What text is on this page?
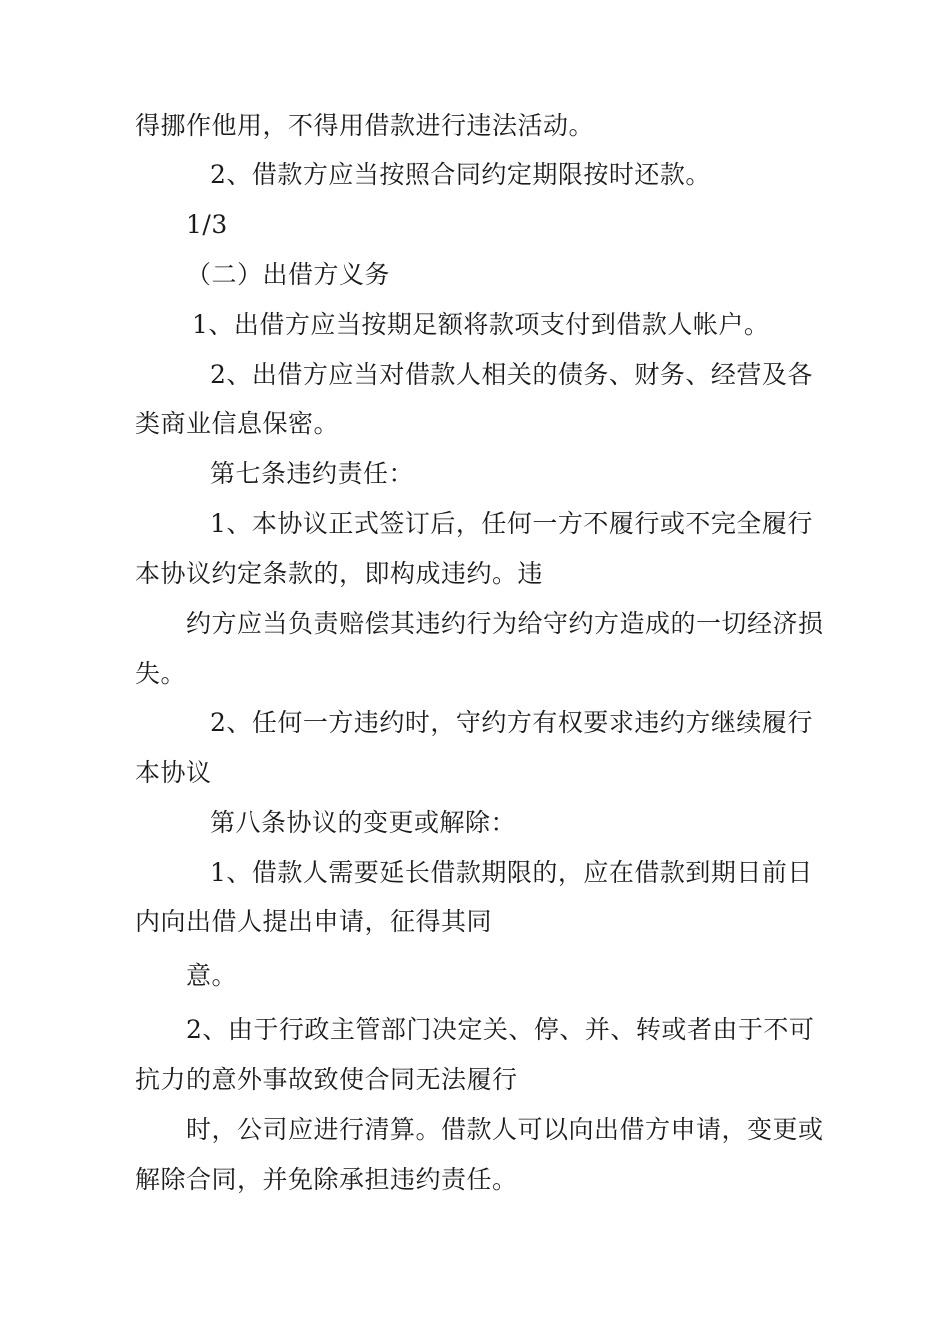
得挪作他用，不得用借款进行违法活动。
2、借款方应当按照合同约定期限按时还款。
1/3
（二）出借方义务
1、出借方应当按期足额将款项支付到借款人帐户。
2、出借方应当对借款人相关的债务、财务、经营及各
类商业信息保密。
第七条违约责任：
1、本协议正式签订后，任何一方不履行或不完全履行
本协议约定条款的，即构成违约。违
约方应当负责赔偿其违约行为给守约方造成的一切经济损
失。
2、任何一方违约时，守约方有权要求违约方继续履行
本协议
第八条协议的变更或解除：
1、借款人需要延长借款期限的，应在借款到期日前日
内向出借人提出申请，征得其同
意。
2、由于行政主管部门决定关、停、并、转或者由于不可
抗力的意外事故致使合同无法履行
时，公司应进行清算。借款人可以向出借方申请，变更或
解除合同，并免除承担违约责任。
